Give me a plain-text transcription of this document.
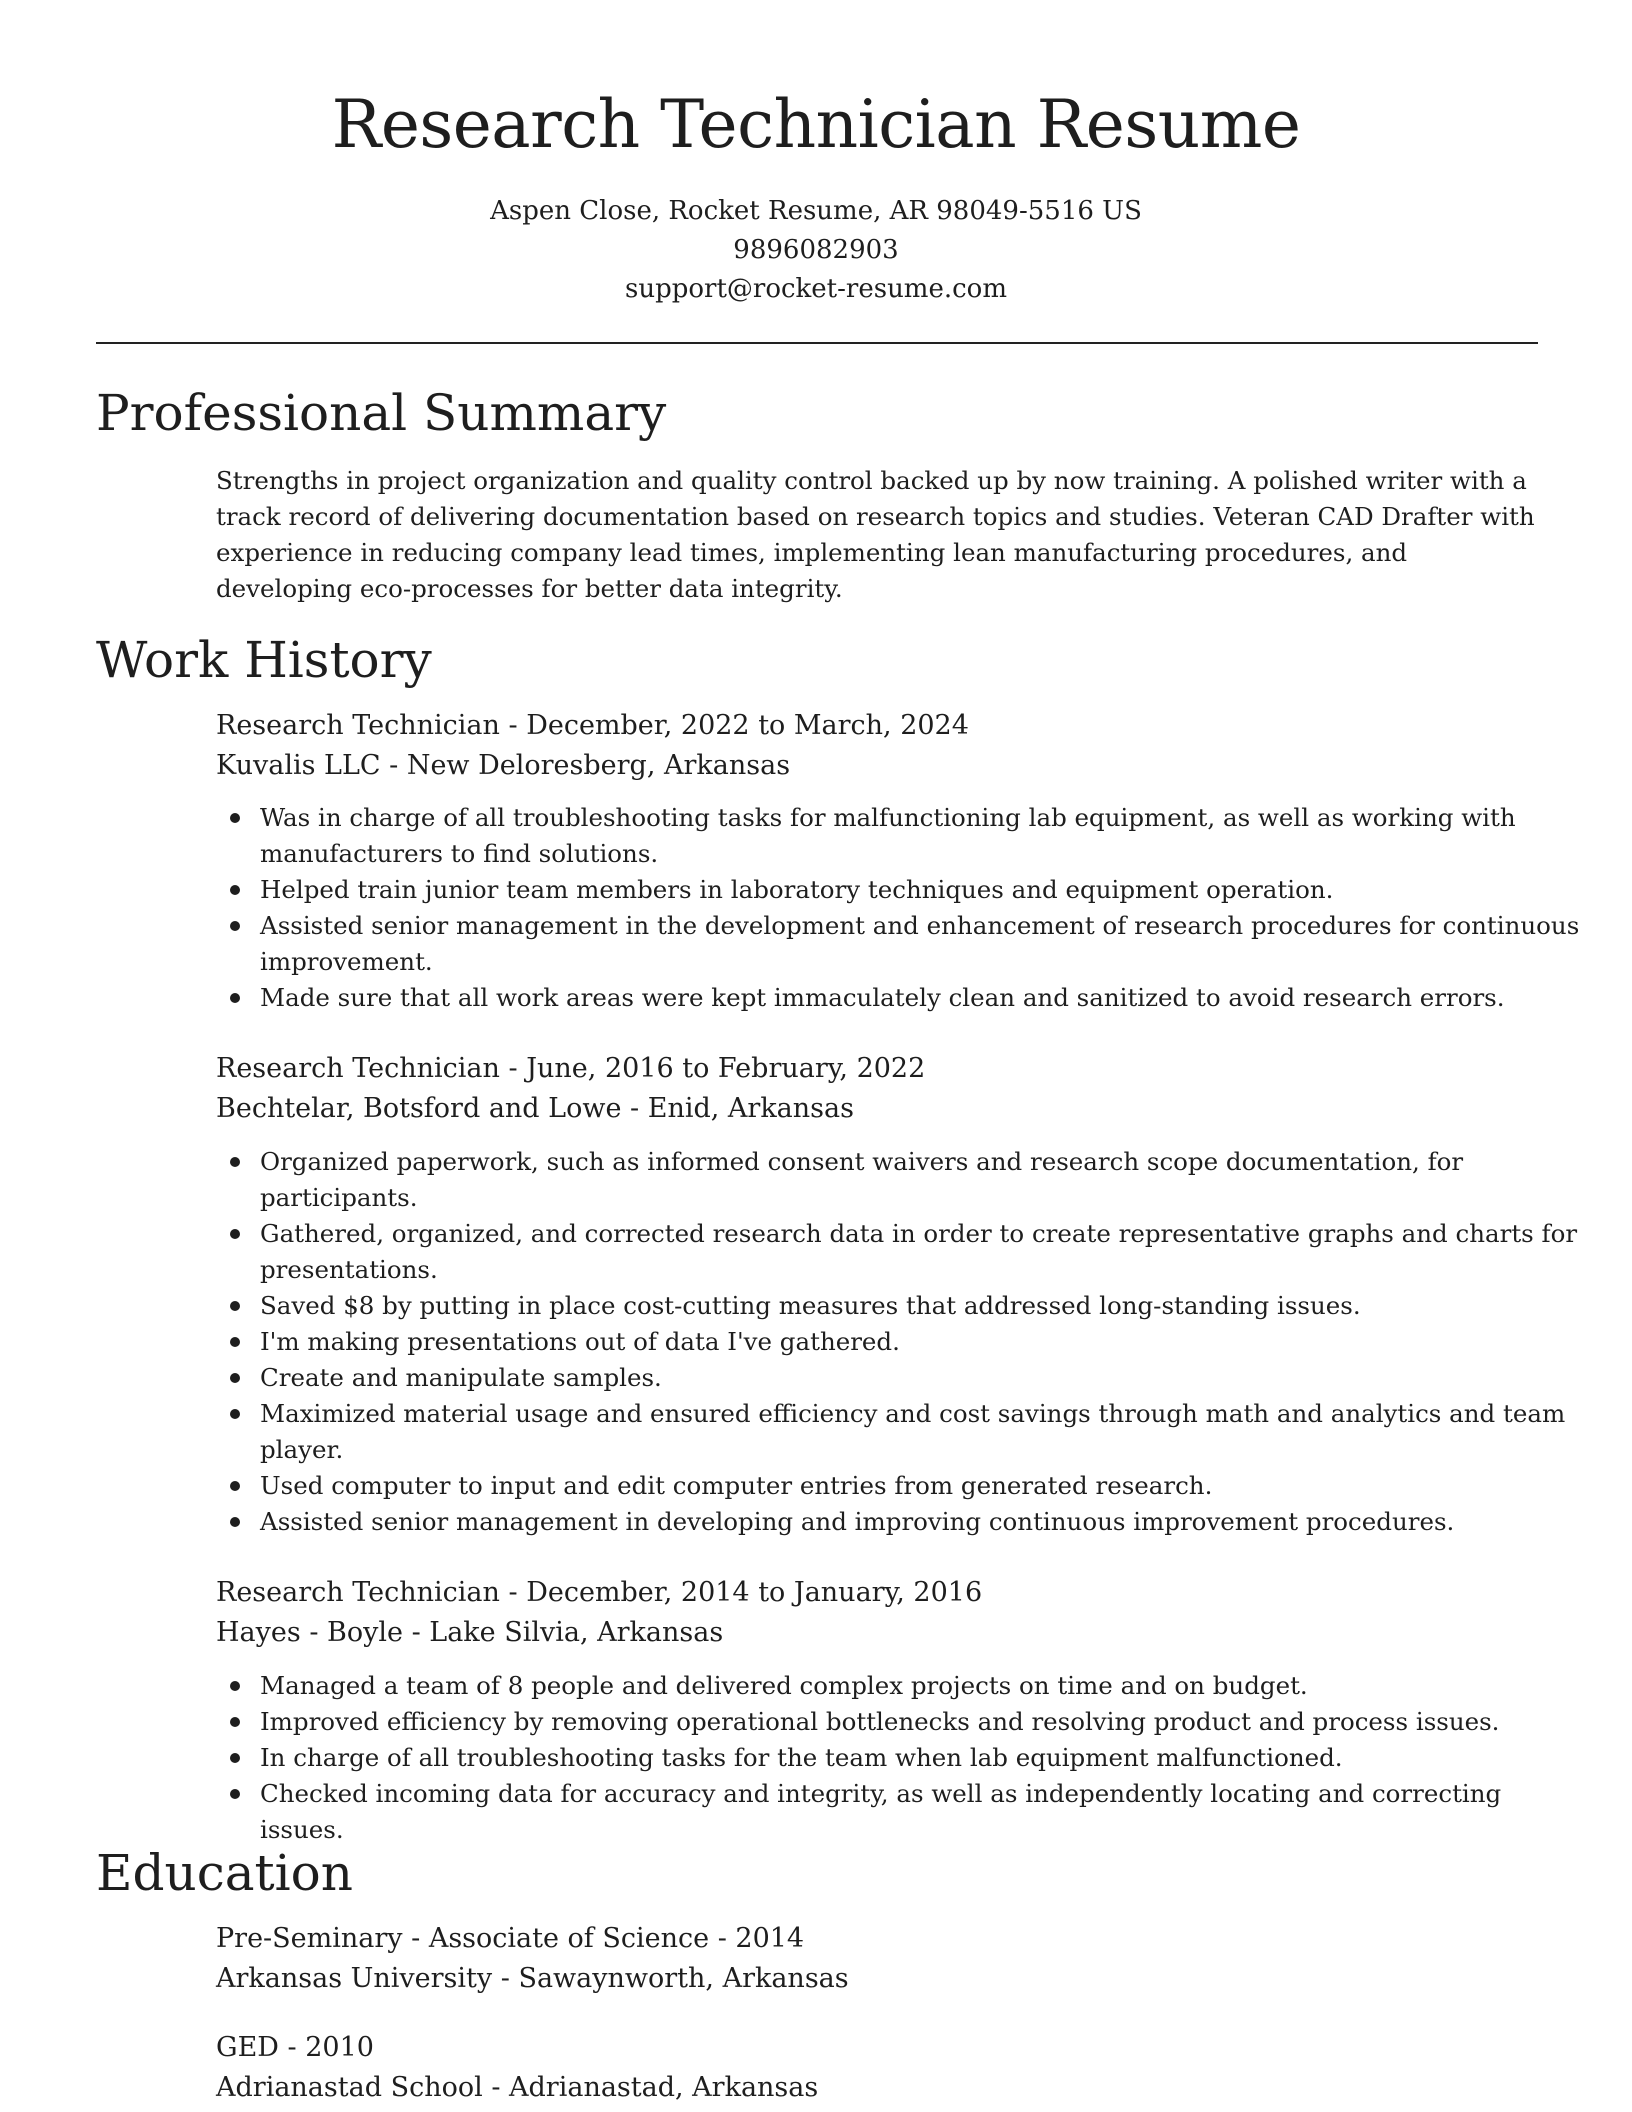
Research Technician Resume
Aspen Close, Rocket Resume, AR 98049-5516 US
9896082903
support@rocket-resume.com
Professional Summary

Strengths in project organization and quality control backed up by now training. A polished writer with a track record of delivering documentation based on research topics and studies. Veteran CAD Drafter with experience in reducing company lead times, implementing lean manufacturing procedures, and developing eco-processes for better data integrity.

Work History
Research Technician - December, 2022 to March, 2024
Kuvalis LLC - New Deloresberg, Arkansas
Was in charge of all troubleshooting tasks for malfunctioning lab equipment, as well as working with manufacturers to find solutions.
Helped train junior team members in laboratory techniques and equipment operation.
Assisted senior management in the development and enhancement of research procedures for continuous improvement.
Made sure that all work areas were kept immaculately clean and sanitized to avoid research errors.
Research Technician - June, 2016 to February, 2022
Bechtelar, Botsford and Lowe - Enid, Arkansas
Organized paperwork, such as informed consent waivers and research scope documentation, for participants.
Gathered, organized, and corrected research data in order to create representative graphs and charts for presentations.
Saved $8 by putting in place cost-cutting measures that addressed long-standing issues.
I'm making presentations out of data I've gathered.
Create and manipulate samples.
Maximized material usage and ensured efficiency and cost savings through math and analytics and team player.
Used computer to input and edit computer entries from generated research.
Assisted senior management in developing and improving continuous improvement procedures.
Research Technician - December, 2014 to January, 2016
Hayes - Boyle - Lake Silvia, Arkansas
Managed a team of 8 people and delivered complex projects on time and on budget.
Improved efficiency by removing operational bottlenecks and resolving product and process issues.
In charge of all troubleshooting tasks for the team when lab equipment malfunctioned.
Checked incoming data for accuracy and integrity, as well as independently locating and correcting issues.
Education
Pre-Seminary - Associate of Science - 2014
Arkansas University - Sawaynworth, Arkansas
GED - 2010
Adrianastad School - Adrianastad, Arkansas
